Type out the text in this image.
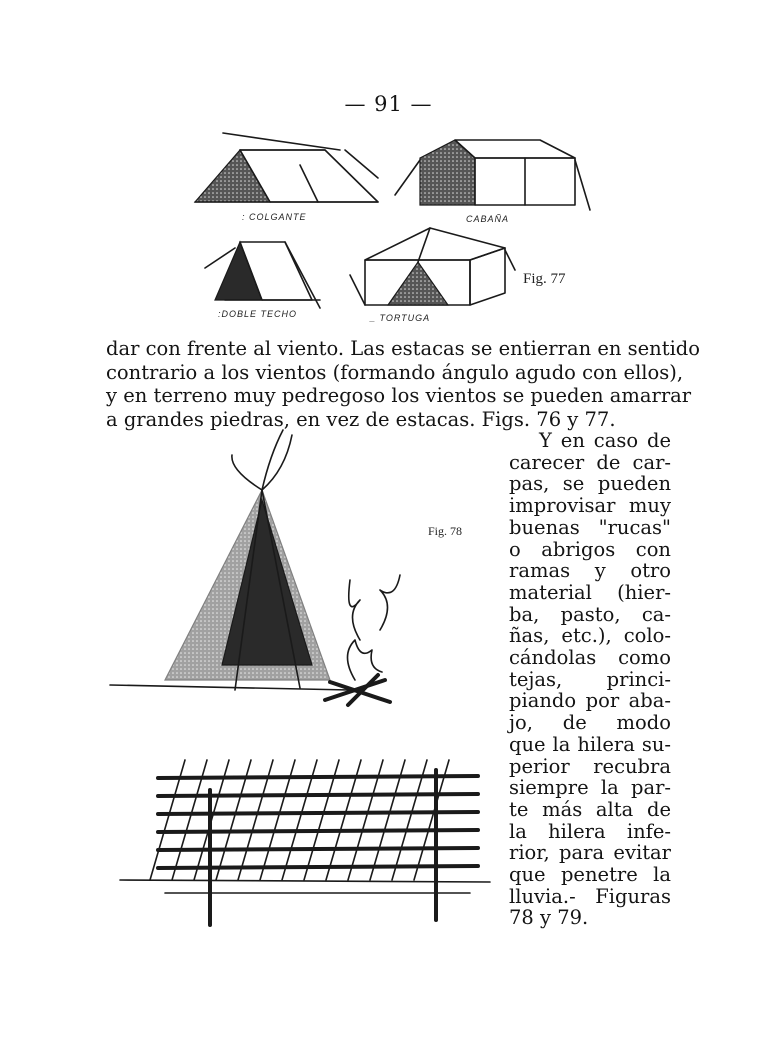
— 91 —
: COLGANTE	CABAÑA
:DOBLE TECHO	_ TORTUGA
Fig. 77
dar con frente al viento. Las estacas se entierran en sentido
contrario a los vientos (formando ángulo agudo con ellos),
y en terreno muy pedregoso los vientos se pueden amarrar
a grandes piedras, en vez de estacas. Figs. 76 y 77.
Fig. 78
Y en caso de
carecer de car-
pas, se pueden
improvisar muy
buenas "rucas"
o abrigos con
ramas y otro
material (hier-
ba, pasto, ca-
ñas, etc.), colo-
cándolas como
tejas, princi-
piando por aba-
jo, de modo
que la hilera su-
perior recubra
siempre la par-
te más alta de
la hilera infe-
rior, para evitar
que penetre la
lluvia.- Figuras
78 y 79.
